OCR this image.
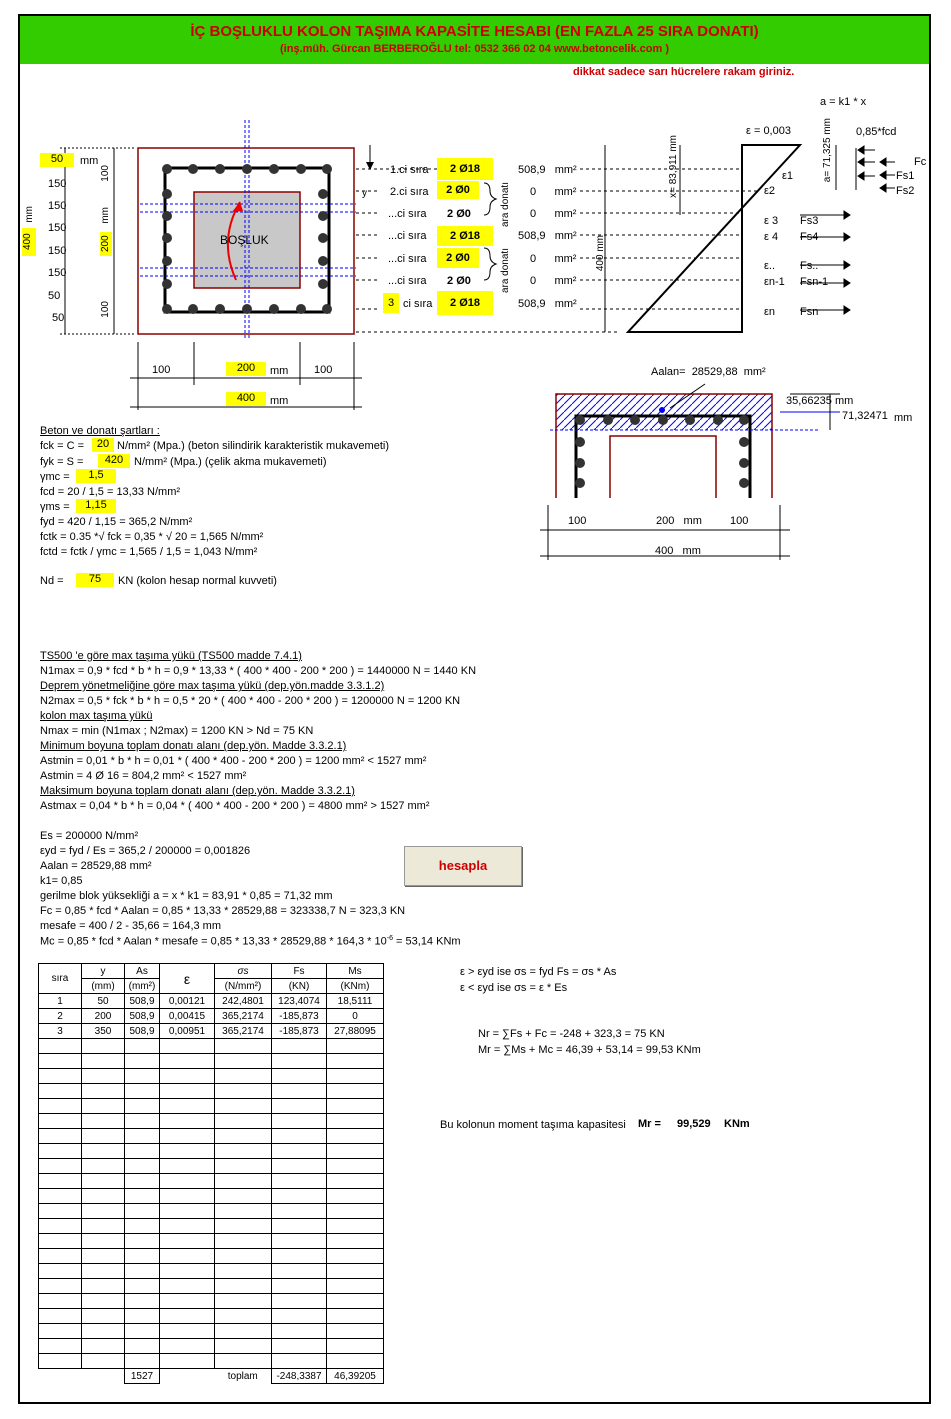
İÇ BOŞLUKLU KOLON TAŞIMA KAPASİTE HESABI (EN FAZLA 25 SIRA DONATI)
(inş.müh. Gürcan BERBEROĞLU tel: 0532 366 02 04 www.betoncelik.com )
dikkat sadece sarı hücrelere rakam giriniz.
BOŞLUK
y
50	mm
150
150
150
150
150
50
50
400
mm
100
200
mm
100
1.ci sıra
2.ci sıra
...ci sıra
...ci sıra
...ci sıra
...ci sıra
3 ci sıra
2 Ø18
2 Ø0
2 Ø0
2 Ø18
2 Ø0
2 Ø0
2 Ø18
ara donatı
ara donatı
508,9 mm²
0 mm²
0 mm²
508,9 mm²
0 mm²
0 mm²
508,9 mm²
a = k1 * x
ε = 0,003	0,85*fcd
Fc
Fs1
Fs2
x= 83,911 mm
a= 71,325 mm
400 mm
ε1
ε2
ε 3
ε 4
ε..
εn-1
εn
Fs3
Fs4
Fs..
Fsn-1
Fsn
100	200	mm 100
400	mm
Aalan= 28529,88 mm²
35,66235 mm
71,32471 mm
100	200 mm	100
400 mm
Beton ve donatı şartları :
fck = C =	20 N/mm² (Mpa.) (beton silindirik karakteristik mukavemeti)
fyk = S =	420 N/mm² (Mpa.) (çelik akma mukavemeti)
γmc =	1,5
fcd = 20 / 1,5 = 13,33 N/mm²
γms =	1,15
fyd = 420 / 1,15 = 365,2 N/mm²
fctk = 0.35 *√ fck = 0,35 * √ 20 = 1,565 N/mm²
fctd = fctk / γmc = 1,565 / 1,5 = 1,043 N/mm²
Nd =	75	KN (kolon hesap normal kuvveti)
TS500 'e göre max taşıma yükü (TS500 madde 7.4.1)
N1max = 0,9 * fcd * b * h = 0,9 * 13,33 * ( 400 * 400 - 200 * 200 ) = 1440000 N = 1440 KN
Deprem yönetmeliğine göre max taşıma yükü (dep.yön.madde 3.3.1.2)
N2max = 0,5 * fck * b * h = 0,5 * 20 * ( 400 * 400 - 200 * 200 ) = 1200000 N = 1200 KN
kolon max taşıma yükü
Nmax = min (N1max ; N2max) = 1200 KN > Nd = 75 KN
Minimum boyuna toplam donatı alanı (dep.yön. Madde 3.3.2.1)
Astmin = 0,01 * b * h = 0,01 * ( 400 * 400 - 200 * 200 ) = 1200 mm² < 1527 mm²
Astmin = 4 Ø 16 = 804,2 mm² < 1527 mm²
Maksimum boyuna toplam donatı alanı (dep.yön. Madde 3.3.2.1)
Astmax = 0,04 * b * h = 0,04 * ( 400 * 400 - 200 * 200 ) = 4800 mm² > 1527 mm²
Es = 200000 N/mm²
εyd = fyd / Es = 365,2 / 200000 = 0,001826
Aalan = 28529,88 mm²
k1= 0,85
gerilme blok yüksekliği a = x * k1 = 83,91 * 0,85 = 71,32 mm
Fc = 0,85 * fcd * Aalan = 0,85 * 13,33 * 28529,88 = 323338,7 N = 323,3 KN
mesafe = 400 / 2 - 35,66 = 164,3 mm
Mc = 0,85 * fcd * Aalan * mesafe = $0,85 * 13,33 * 28529,88 * 164,3 * 10^{-6} = 53,14$ KNm
hesapla
sıra	y	As	ε	σs	Fs	Ms
	(mm)	(mm²)		(N/mm²)	(KN)	(KNm)
1	50	508,9	0,00121	242,4801	123,4074	18,5111
2	200	508,9	0,00415	365,2174	-185,873	0
3	350	508,9	0,00951	365,2174	-185,873	27,88095

		1527		toplam	-248,3387	46,39205
ε > εyd ise σs = fyd Fs = σs * As
ε < εyd ise σs = ε * Es
Nr = ∑Fs + Fc = -248 + 323,3 = 75 KN
Mr = ∑Ms + Mc = 46,39 + 53,14 = 99,53 KNm
Bu kolonun moment taşıma kapasitesi Mr = 99,529 KNm
